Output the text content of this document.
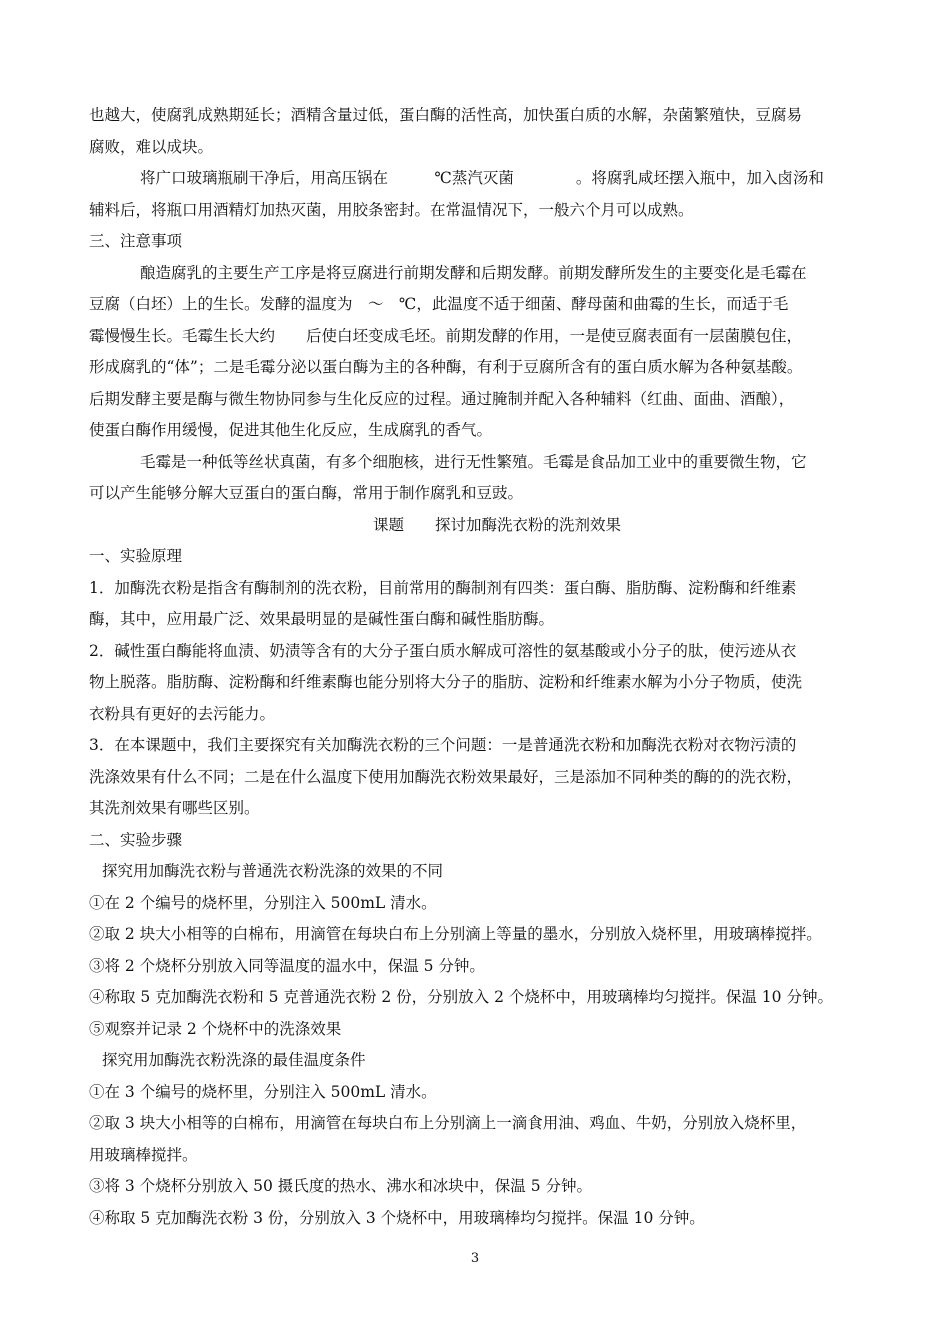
也越大，使腐乳成熟期延长；酒精含量过低，蛋白酶的活性高，加快蛋白质的水解，杂菌繁殖快，豆腐易
腐败，难以成块。
将广口玻璃瓶刷干净后，用高压锅在　　　℃蒸汽灭菌　　　　。将腐乳咸坯摆入瓶中，加入卤汤和
辅料后，将瓶口用酒精灯加热灭菌，用胶条密封。在常温情况下，一般六个月可以成熟。
三、注意事项
酿造腐乳的主要生产工序是将豆腐进行前期发酵和后期发酵。前期发酵所发生的主要变化是毛霉在
豆腐（白坯）上的生长。发酵的温度为　～　℃，此温度不适于细菌、酵母菌和曲霉的生长，而适于毛
霉慢慢生长。毛霉生长大约　　后使白坯变成毛坯。前期发酵的作用，一是使豆腐表面有一层菌膜包住，
形成腐乳的“体”；二是毛霉分泌以蛋白酶为主的各种酶，有利于豆腐所含有的蛋白质水解为各种氨基酸。
后期发酵主要是酶与微生物协同参与生化反应的过程。通过腌制并配入各种辅料（红曲、面曲、酒酿），
使蛋白酶作用缓慢，促进其他生化反应，生成腐乳的香气。
毛霉是一种低等丝状真菌，有多个细胞核，进行无性繁殖。毛霉是食品加工业中的重要微生物，它
可以产生能够分解大豆蛋白的蛋白酶，常用于制作腐乳和豆豉。
课题　　探讨加酶洗衣粉的洗剂效果
一、实验原理
1．加酶洗衣粉是指含有酶制剂的洗衣粉，目前常用的酶制剂有四类：蛋白酶、脂肪酶、淀粉酶和纤维素
酶，其中，应用最广泛、效果最明显的是碱性蛋白酶和碱性脂肪酶。
2．碱性蛋白酶能将血渍、奶渍等含有的大分子蛋白质水解成可溶性的氨基酸或小分子的肽，使污迹从衣
物上脱落。脂肪酶、淀粉酶和纤维素酶也能分别将大分子的脂肪、淀粉和纤维素水解为小分子物质，使洗
衣粉具有更好的去污能力。
3．在本课题中，我们主要探究有关加酶洗衣粉的三个问题：一是普通洗衣粉和加酶洗衣粉对衣物污渍的
洗涤效果有什么不同；二是在什么温度下使用加酶洗衣粉效果最好，三是添加不同种类的酶的的洗衣粉，
其洗剂效果有哪些区别。
二、实验步骤
探究用加酶洗衣粉与普通洗衣粉洗涤的效果的不同
①在 2 个编号的烧杯里，分别注入 500mL 清水。
②取 2 块大小相等的白棉布，用滴管在每块白布上分别滴上等量的墨水，分别放入烧杯里，用玻璃棒搅拌。
③将 2 个烧杯分别放入同等温度的温水中，保温 5 分钟。
④称取 5 克加酶洗衣粉和 5 克普通洗衣粉 2 份，分别放入 2 个烧杯中，用玻璃棒均匀搅拌。保温 10 分钟。
⑤观察并记录 2 个烧杯中的洗涤效果
探究用加酶洗衣粉洗涤的最佳温度条件
①在 3 个编号的烧杯里，分别注入 500mL 清水。
②取 3 块大小相等的白棉布，用滴管在每块白布上分别滴上一滴食用油、鸡血、牛奶，分别放入烧杯里，
用玻璃棒搅拌。
③将 3 个烧杯分别放入 50 摄氏度的热水、沸水和冰块中，保温 5 分钟。
④称取 5 克加酶洗衣粉 3 份，分别放入 3 个烧杯中，用玻璃棒均匀搅拌。保温 10 分钟。
3
